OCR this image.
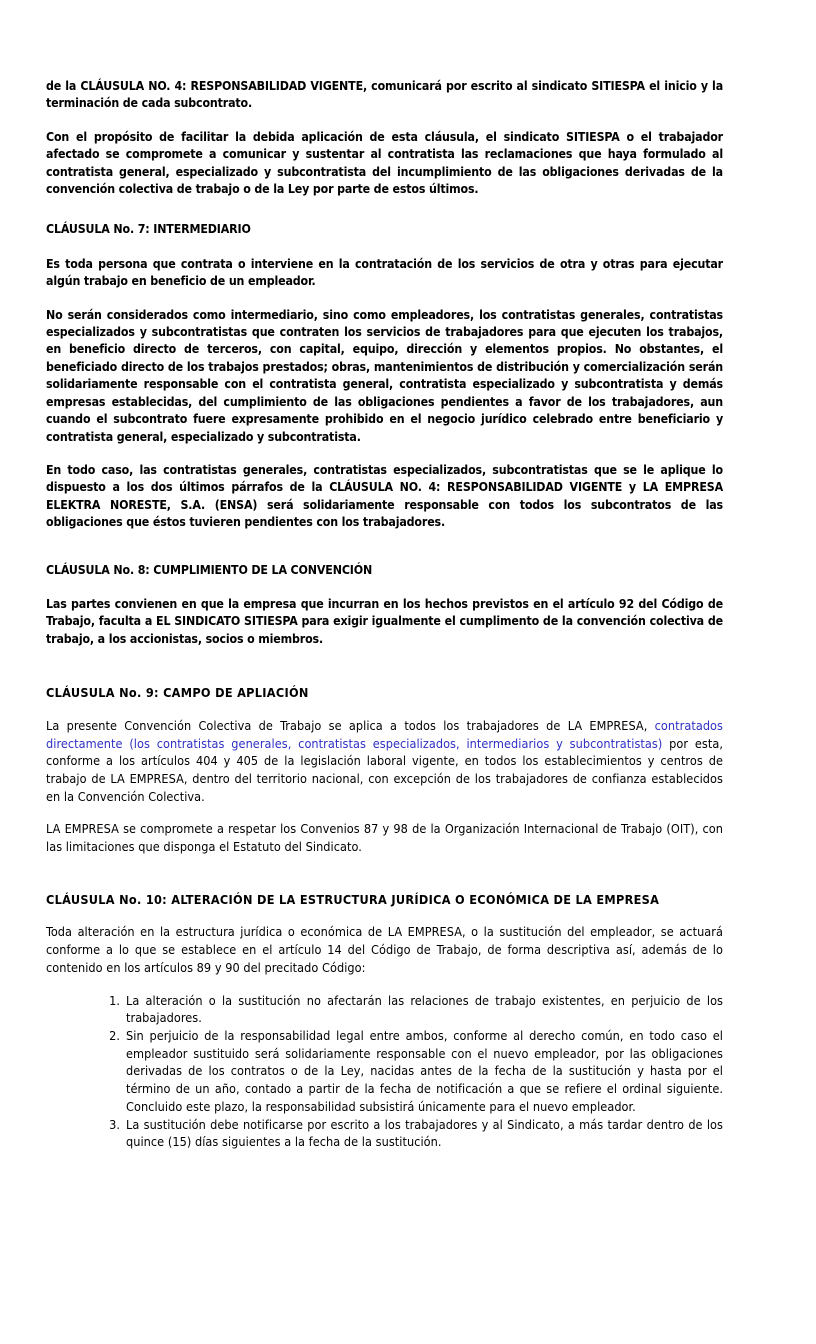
de la CLÁUSULA NO. 4: RESPONSABILIDAD VIGENTE, comunicará por escrito al sindicato SITIESPA el inicio y la terminación de cada subcontrato.

Con el propósito de facilitar la debida aplicación de esta cláusula, el sindicato SITIESPA o el trabajador afectado se compromete a comunicar y sustentar al contratista las reclamaciones que haya formulado al contratista general, especializado y subcontratista del incumplimiento de las obligaciones derivadas de la convención colectiva de trabajo o de la Ley por parte de estos últimos.

CLÁUSULA No. 7: INTERMEDIARIO

Es toda persona que contrata o interviene en la contratación de los servicios de otra y otras para ejecutar algún trabajo en beneficio de un empleador.

No serán considerados como intermediario, sino como empleadores, los contratistas generales, contratistas especializados y subcontratistas que contraten los servicios de trabajadores para que ejecuten los trabajos, en beneficio directo de terceros, con capital, equipo, dirección y elementos propios. No obstantes, el beneficiado directo de los trabajos prestados; obras, mantenimientos de distribución y comercialización serán solidariamente responsable con el contratista general, contratista especializado y subcontratista y demás empresas establecidas, del cumplimiento de las obligaciones pendientes a favor de los trabajadores, aun cuando el subcontrato fuere expresamente prohibido en el negocio jurídico celebrado entre beneficiario y contratista general, especializado y subcontratista.

En todo caso, las contratistas generales, contratistas especializados, subcontratistas que se le aplique lo dispuesto a los dos últimos párrafos de la CLÁUSULA NO. 4: RESPONSABILIDAD VIGENTE y LA EMPRESA ELEKTRA NORESTE, S.A. (ENSA) será solidariamente responsable con todos los subcontratos de las obligaciones que éstos tuvieren pendientes con los trabajadores.

CLÁUSULA No. 8: CUMPLIMIENTO DE LA CONVENCIÓN

Las partes convienen en que la empresa que incurran en los hechos previstos en el artículo 92 del Código de Trabajo, faculta a EL SINDICATO SITIESPA para exigir igualmente el cumplimento de la convención colectiva de trabajo, a los accionistas, socios o miembros.

CLÁUSULA No. 9: CAMPO DE APLIACIÓN

La presente Convención Colectiva de Trabajo se aplica a todos los trabajadores de LA EMPRESA, contratados directamente (los contratistas generales, contratistas especializados, intermediarios y subcontratistas) por esta, conforme a los artículos 404 y 405 de la legislación laboral vigente, en todos los establecimientos y centros de trabajo de LA EMPRESA, dentro del territorio nacional, con excepción de los trabajadores de confianza establecidos en la Convención Colectiva.

LA EMPRESA se compromete a respetar los Convenios 87 y 98 de la Organización Internacional de Trabajo (OIT), con las limitaciones que disponga el Estatuto del Sindicato.

CLÁUSULA No. 10: ALTERACIÓN DE LA ESTRUCTURA JURÍDICA O ECONÓMICA DE LA EMPRESA

Toda alteración en la estructura jurídica o económica de LA EMPRESA, o la sustitución del empleador, se actuará conforme a lo que se establece en el artículo 14 del Código de Trabajo, de forma descriptiva así, además de lo contenido en los artículos 89 y 90 del precitado Código:

La alteración o la sustitución no afectarán las relaciones de trabajo existentes, en perjuicio de los trabajadores.
Sin perjuicio de la responsabilidad legal entre ambos, conforme al derecho común, en todo caso el empleador sustituido será solidariamente responsable con el nuevo empleador, por las obligaciones derivadas de los contratos o de la Ley, nacidas antes de la fecha de la sustitución y hasta por el término de un año, contado a partir de la fecha de notificación a que se refiere el ordinal siguiente. Concluido este plazo, la responsabilidad subsistirá únicamente para el nuevo empleador.
La sustitución debe notificarse por escrito a los trabajadores y al Sindicato, a más tardar dentro de los quince (15) días siguientes a la fecha de la sustitución.
